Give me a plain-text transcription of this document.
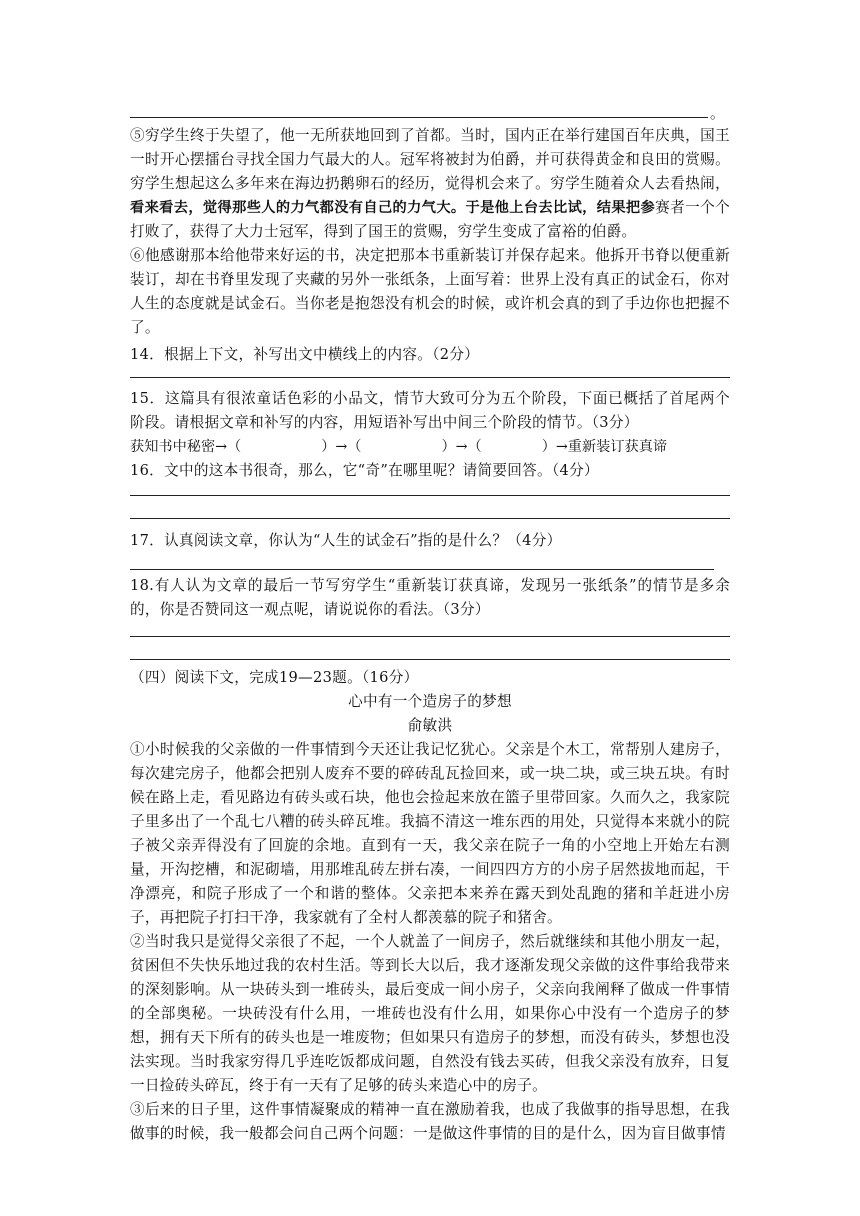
。

⑤穷学生终于失望了，他一无所获地回到了首都。当时，国内正在举行建国百年庆典，国王一时开心摆擂台寻找全国力气最大的人。冠军将被封为伯爵，并可获得黄金和良田的赏赐。穷学生想起这么多年来在海边扔鹅卵石的经历，觉得机会来了。穷学生随着众人去看热闹，看来看去，觉得那些人的力气都没有自己的力气大。于是他上台去比试，结果把参赛者一个个打败了，获得了大力士冠军，得到了国王的赏赐，穷学生变成了富裕的伯爵。

⑥他感谢那本给他带来好运的书，决定把那本书重新装订并保存起来。他拆开书脊以便重新装订，却在书脊里发现了夹藏的另外一张纸条，上面写着：世界上没有真正的试金石，你对人生的态度就是试金石。当你老是抱怨没有机会的时候，或许机会真的到了手边你也把握不了。

14．根据上下文，补写出文中横线上的内容。（2分）

15．这篇具有很浓童话色彩的小品文，情节大致可分为五个阶段，下面已概括了首尾两个阶段。请根据文章和补写的内容，用短语补写出中间三个阶段的情节。（3分）

获知书中秘密→（	）→（	）→（	）→重新装订获真谛

16．文中的这本书很奇，那么，它“奇”在哪里呢？请简要回答。（4分）

17．认真阅读文章，你认为“人生的试金石”指的是什么？（4分）

18.有人认为文章的最后一节写穷学生“重新装订获真谛，发现另一张纸条”的情节是多余的，你是否赞同这一观点呢，请说说你的看法。（3分）

（四）阅读下文，完成19—23题。（16分）

心中有一个造房子的梦想

俞敏洪

①小时候我的父亲做的一件事情到今天还让我记忆犹心。父亲是个木工，常帮别人建房子，每次建完房子，他都会把别人废弃不要的碎砖乱瓦捡回来，或一块二块，或三块五块。有时候在路上走，看见路边有砖头或石块，他也会捡起来放在篮子里带回家。久而久之，我家院子里多出了一个乱七八糟的砖头碎瓦堆。我搞不清这一堆东西的用处，只觉得本来就小的院子被父亲弄得没有了回旋的余地。直到有一天，我父亲在院子一角的小空地上开始左右测量，开沟挖槽，和泥砌墙，用那堆乱砖左拼右凑，一间四四方方的小房子居然拔地而起，干净漂亮，和院子形成了一个和谐的整体。父亲把本来养在露天到处乱跑的猪和羊赶进小房子，再把院子打扫干净，我家就有了全村人都羡慕的院子和猪舍。

②当时我只是觉得父亲很了不起，一个人就盖了一间房子，然后就继续和其他小朋友一起，贫困但不失快乐地过我的农村生活。等到长大以后，我才逐渐发现父亲做的这件事给我带来的深刻影响。从一块砖头到一堆砖头，最后变成一间小房子，父亲向我阐释了做成一件事情的全部奥秘。一块砖没有什么用，一堆砖也没有什么用，如果你心中没有一个造房子的梦想，拥有天下所有的砖头也是一堆废物；但如果只有造房子的梦想，而没有砖头，梦想也没法实现。当时我家穷得几乎连吃饭都成问题，自然没有钱去买砖，但我父亲没有放弃，日复一日捡砖头碎瓦，终于有一天有了足够的砖头来造心中的房子。

③后来的日子里，这件事情凝聚成的精神一直在激励着我，也成了我做事的指导思想，在我做事的时候，我一般都会问自己两个问题：一是做这件事情的目的是什么，因为盲目做事情
